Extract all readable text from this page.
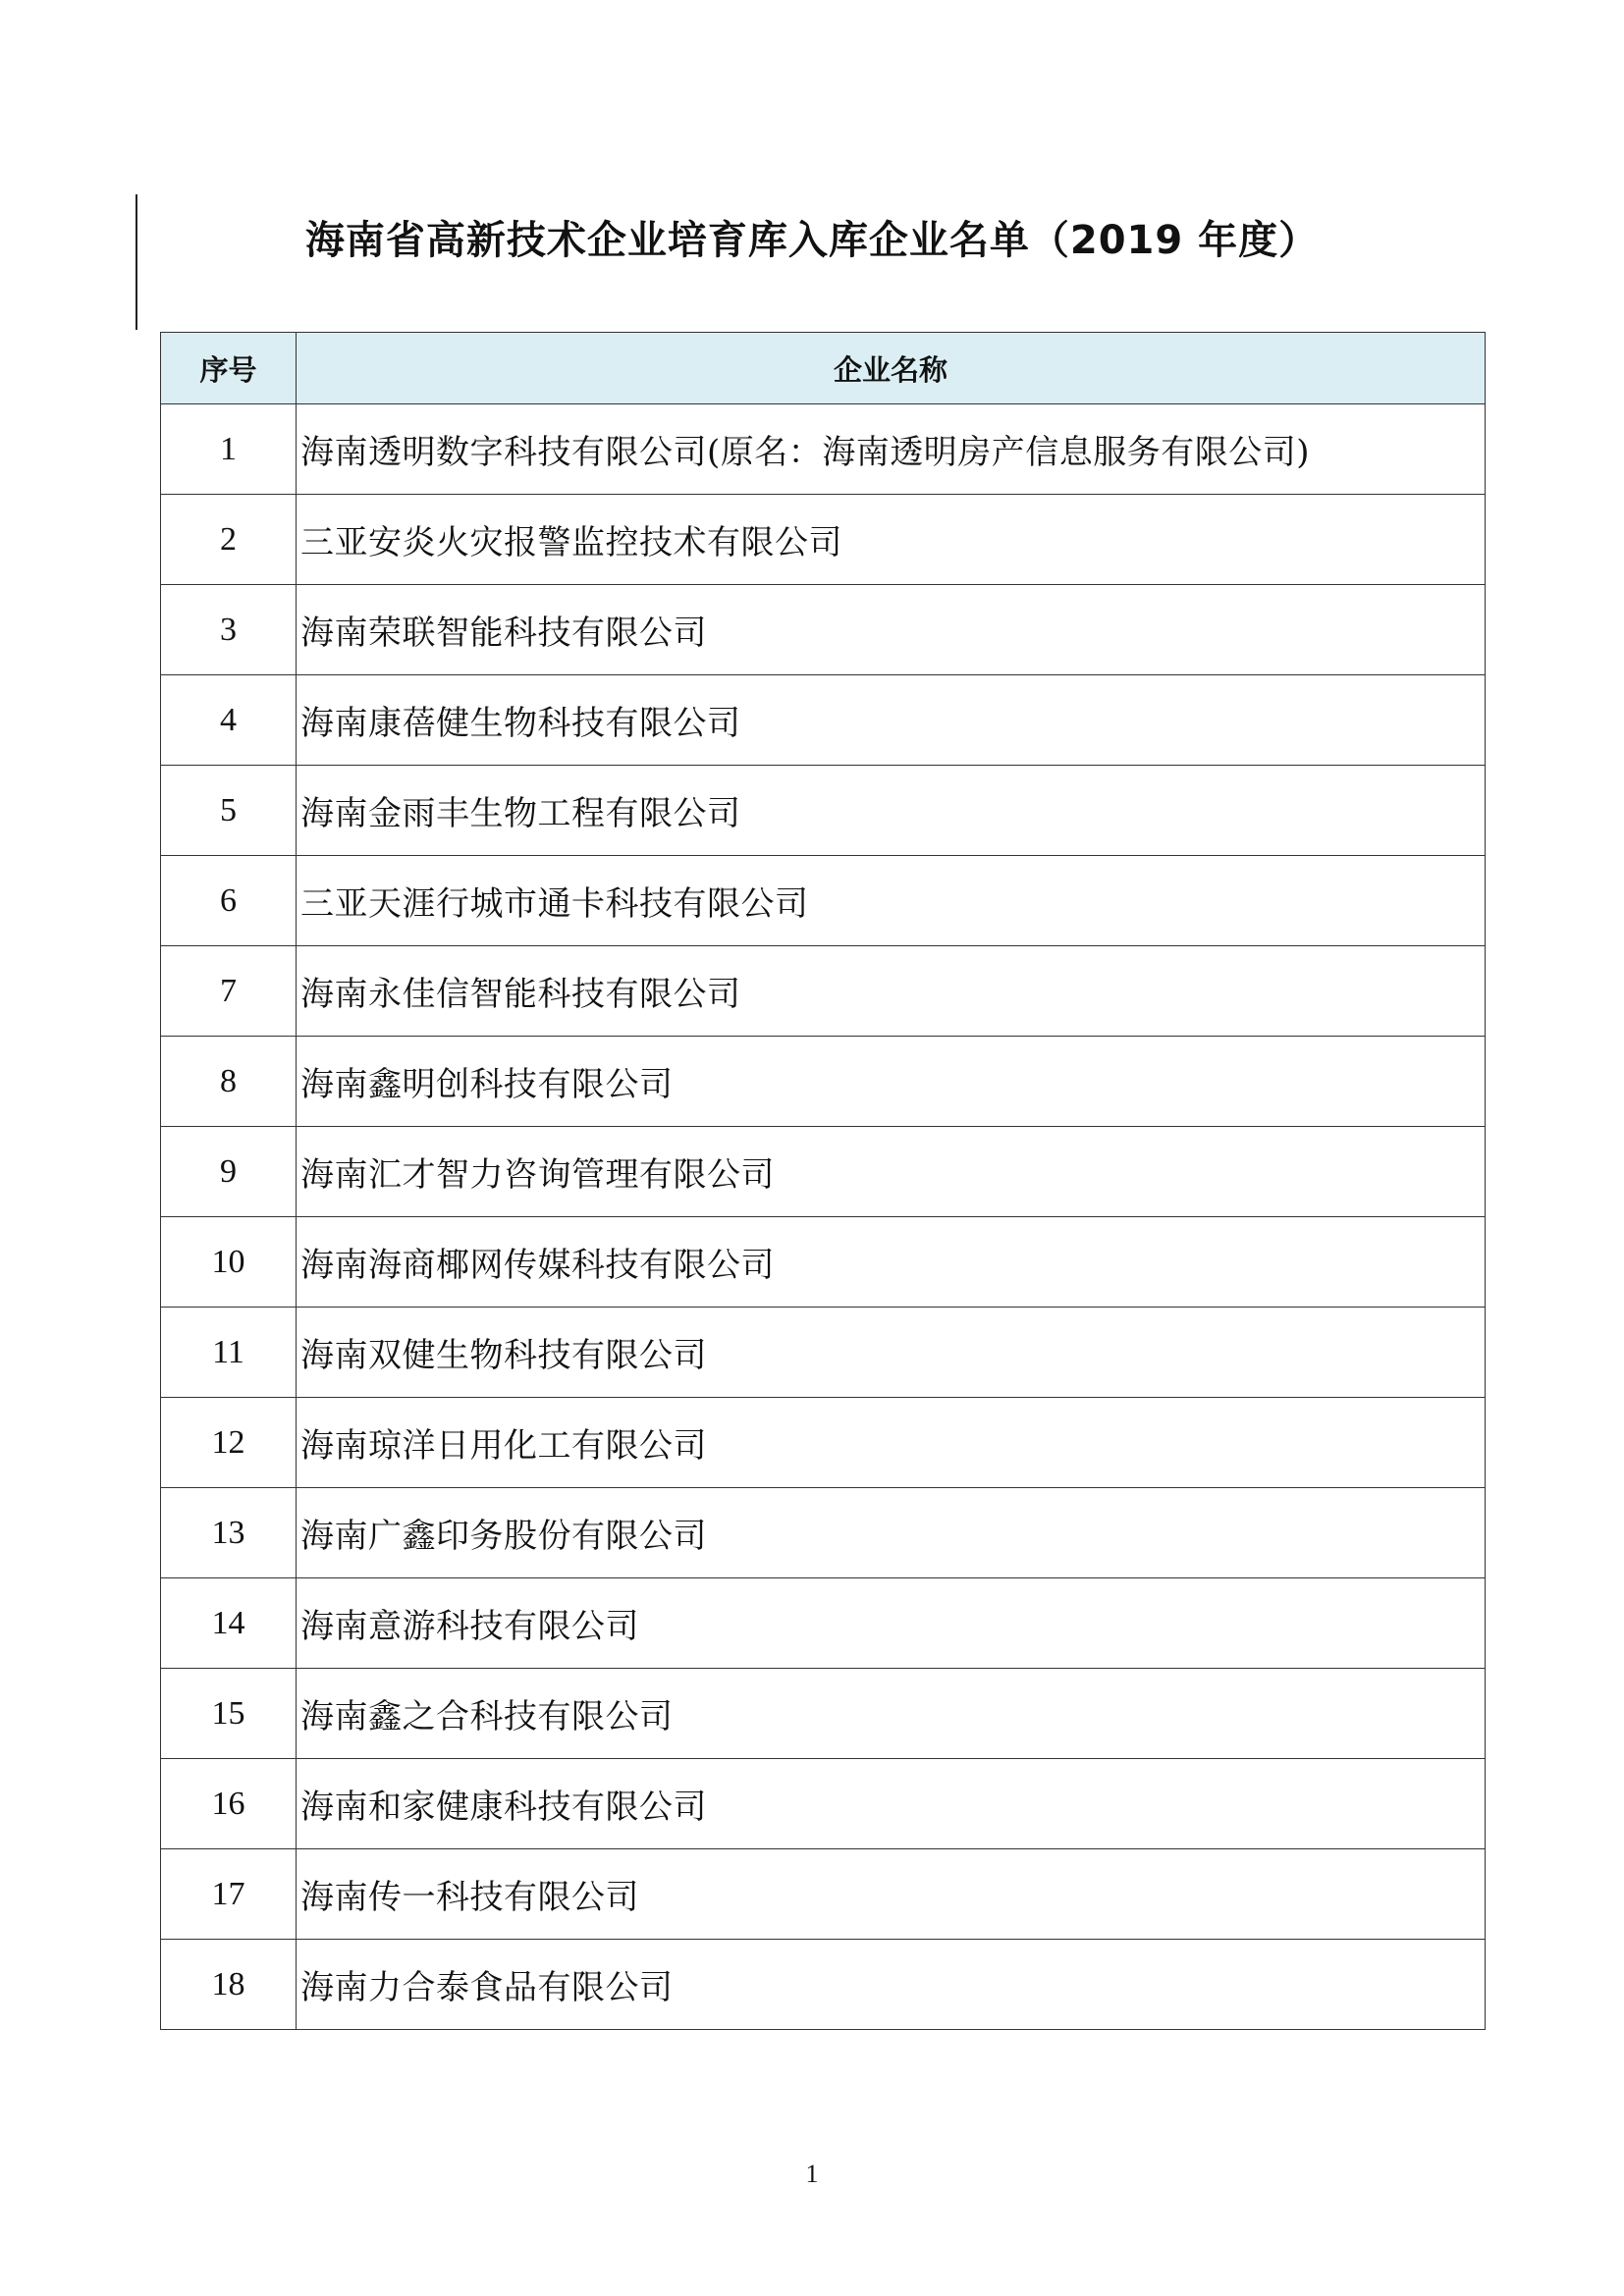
海南省高新技术企业培育库入库企业名单（2019 年度）
序号	企业名称
1	海南透明数字科技有限公司(原名：海南透明房产信息服务有限公司)
2	三亚安炎火灾报警监控技术有限公司
3	海南荣联智能科技有限公司
4	海南康蓓健生物科技有限公司
5	海南金雨丰生物工程有限公司
6	三亚天涯行城市通卡科技有限公司
7	海南永佳信智能科技有限公司
8	海南鑫明创科技有限公司
9	海南汇才智力咨询管理有限公司
10	海南海商椰网传媒科技有限公司
11	海南双健生物科技有限公司
12	海南琼洋日用化工有限公司
13	海南广鑫印务股份有限公司
14	海南意游科技有限公司
15	海南鑫之合科技有限公司
16	海南和家健康科技有限公司
17	海南传一科技有限公司
18	海南力合泰食品有限公司
1
